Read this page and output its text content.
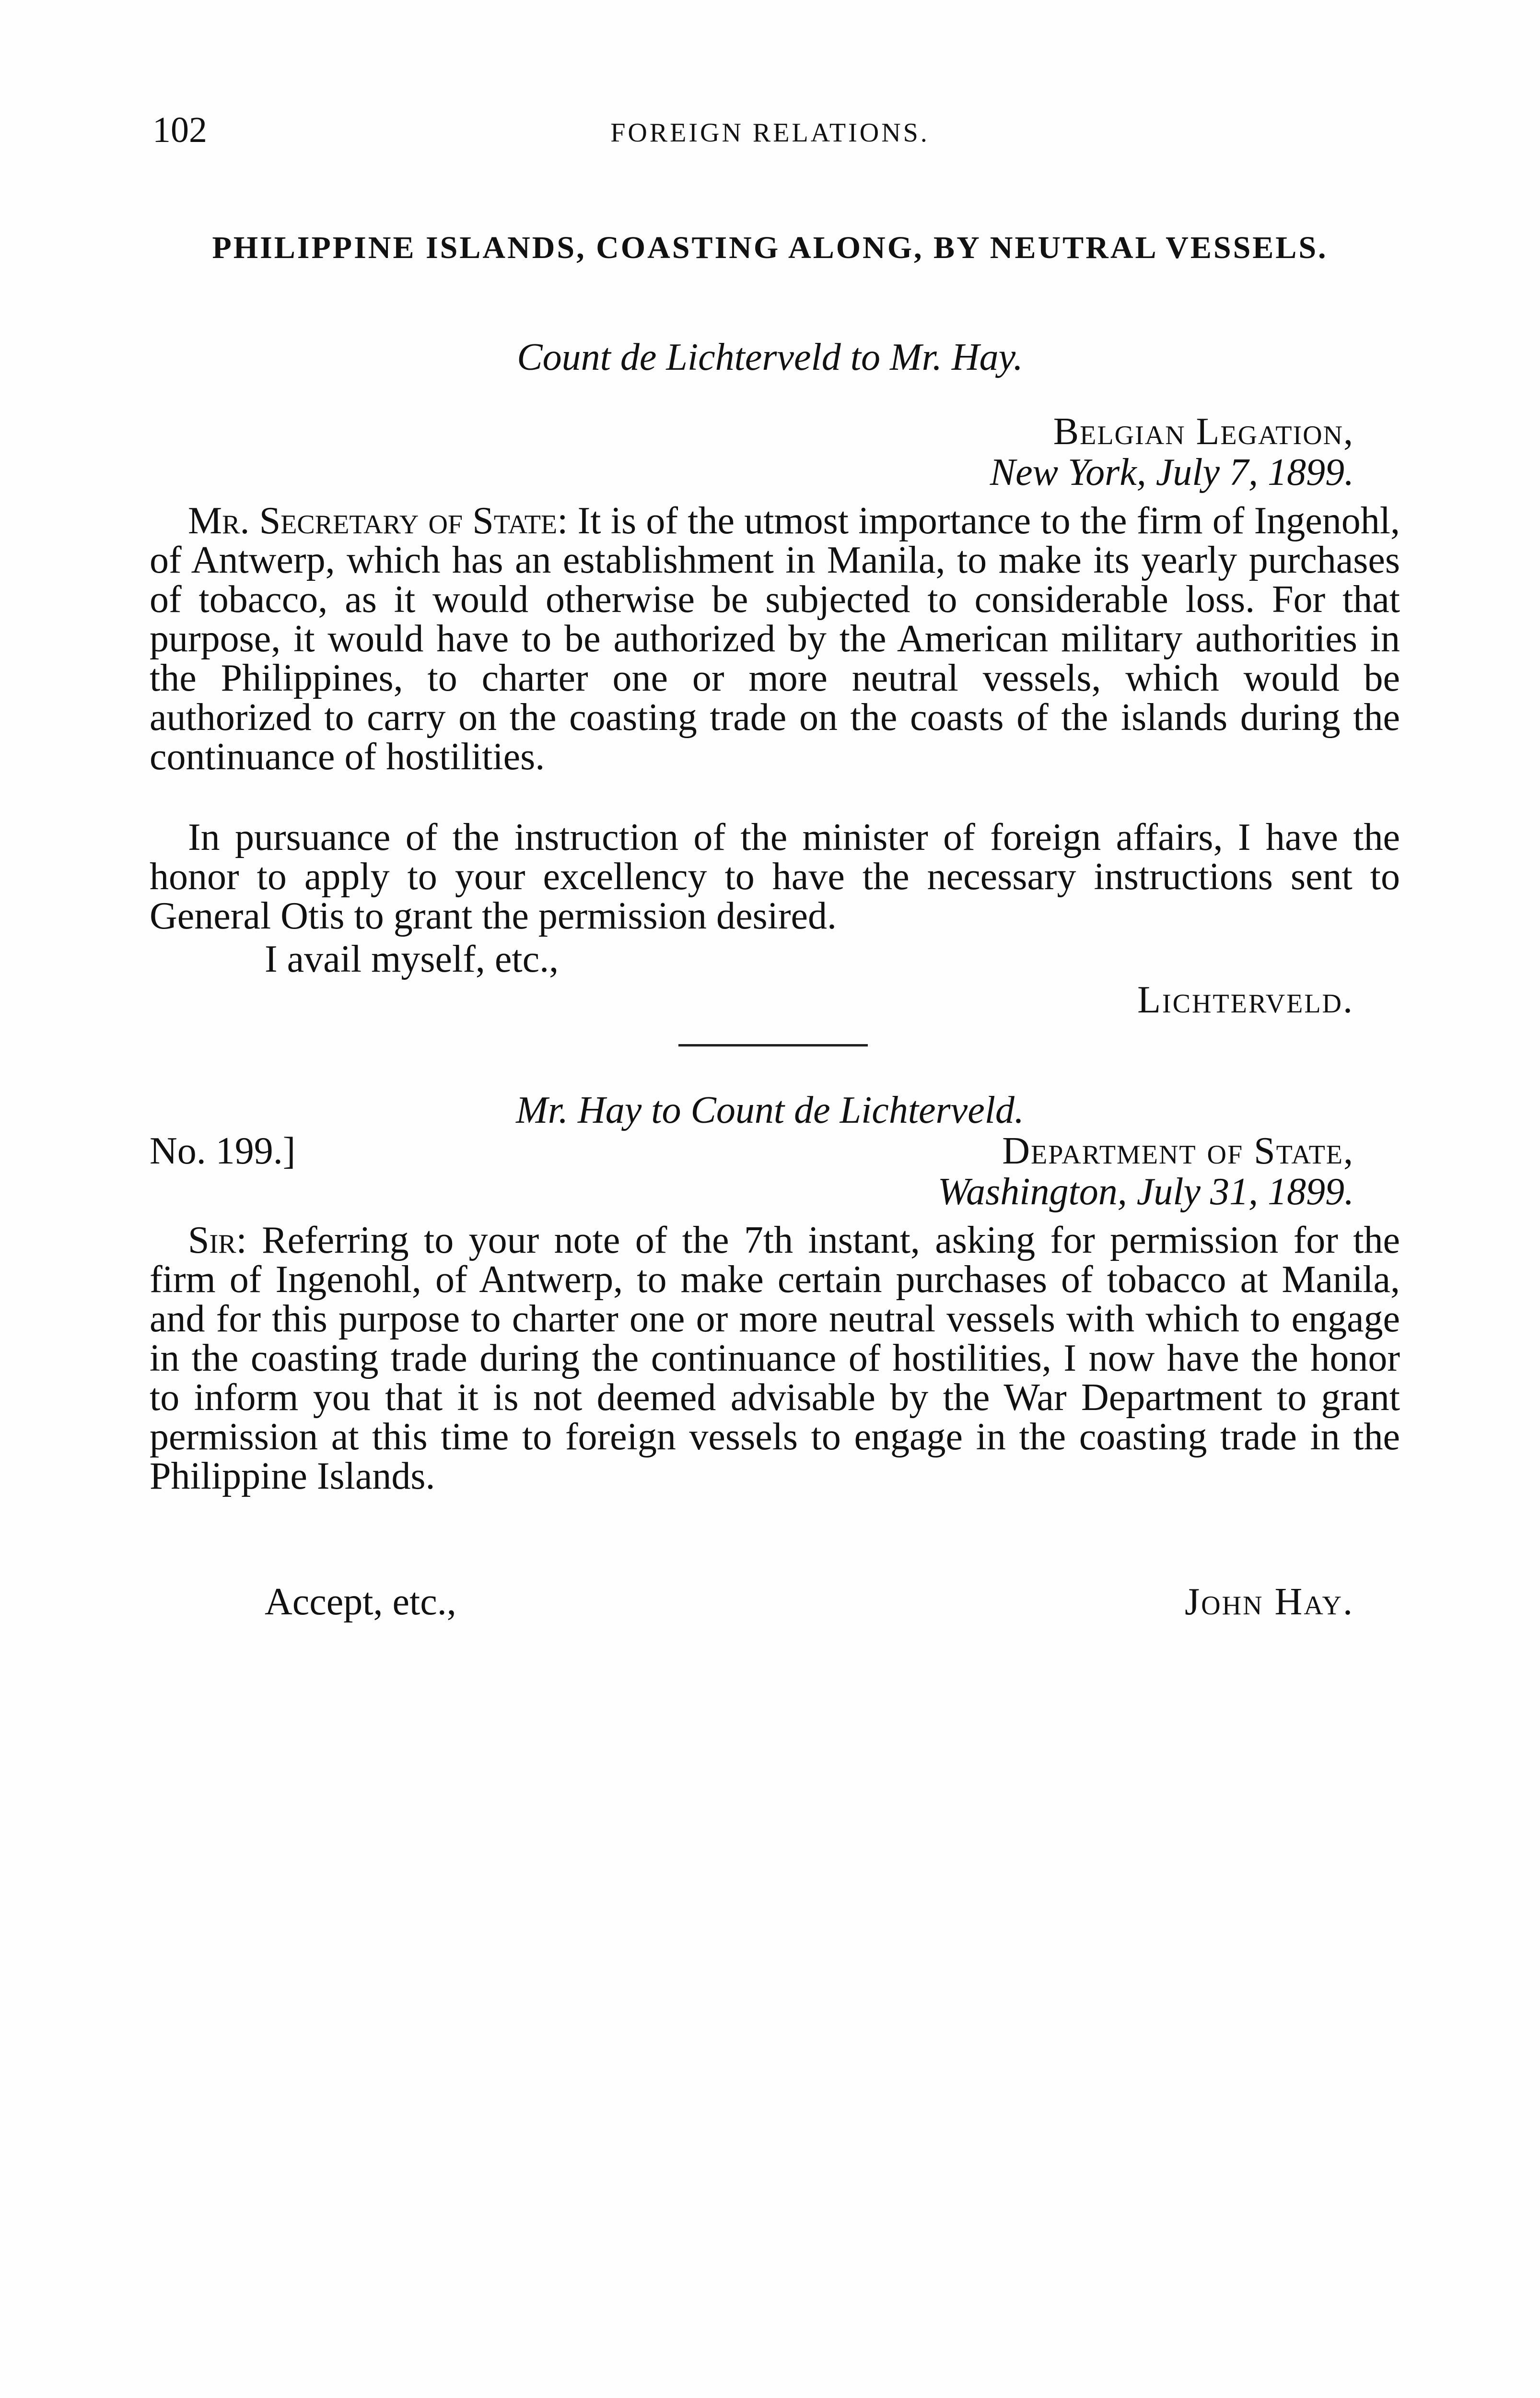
102	FOREIGN RELATIONS.
PHILIPPINE ISLANDS, COASTING ALONG, BY NEUTRAL VESSELS.
Count de Lichterveld to Mr. Hay.
Belgian Legation,
New York, July 7, 1899.
Mr. Secretary of State: It is of the utmost importance to the firm of Ingenohl, of Antwerp, which has an establishment in Manila, to make its yearly purchases of tobacco, as it would otherwise be subjected to considerable loss. For that purpose, it would have to be authorized by the American military authorities in the Philippines, to charter one or more neutral vessels, which would be authorized to carry on the coasting trade on the coasts of the islands during the continuance of hostilities.
In pursuance of the instruction of the minister of foreign affairs, I have the honor to apply to your excellency to have the necessary instructions sent to General Otis to grant the permission desired.
I avail myself, etc.,
Lichterveld.
Mr. Hay to Count de Lichterveld.
No. 199.]	Department of State,
Washington, July 31, 1899.
Sir: Referring to your note of the 7th instant, asking for permission for the firm of Ingenohl, of Antwerp, to make certain purchases of tobacco at Manila, and for this purpose to charter one or more neutral vessels with which to engage in the coasting trade during the continuance of hostilities, I now have the honor to inform you that it is not deemed advisable by the War Department to grant permission at this time to foreign vessels to engage in the coasting trade in the Philippine Islands.
Accept, etc.,	John Hay.
